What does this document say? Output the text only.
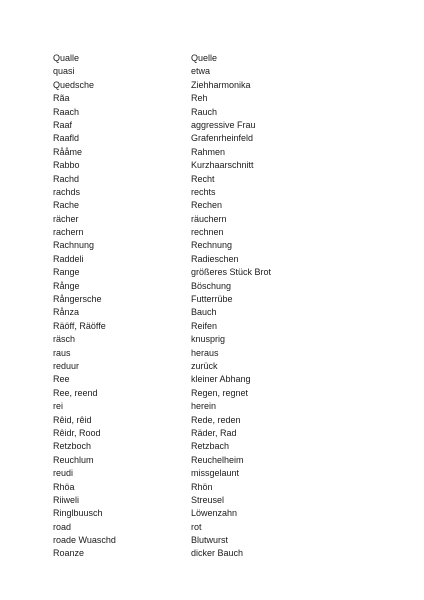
Qualle	Quelle
quasi	etwa
Quedsche	Ziehharmonika
Rãa	Reh
Raach	Rauch
Raaf	aggressive Frau
Raafld	Grafenrheinfeld
Rååme	Rahmen
Rabbo	Kurzhaarschnitt
Rachd	Recht
rachds	rechts
Rache	Rechen
rächer	räuchern
rachern	rechnen
Rachnung	Rechnung
Raddeli	Radieschen
Range	größeres Stück Brot
Rånge	Böschung
Rångersche	Futterrübe
Rånza	Bauch
Räöff, Räöffe	Reifen
räsch	knusprig
raus	heraus
reduur	zurück
Ree	kleiner Abhang
Ree, reend	Regen, regnet
rei	herein
Rêid, rêid	Rede, reden
Rêidr, Rood	Räder, Rad
Retzboch	Retzbach
Reuchlum	Reuchelheim
reudi	missgelaunt
Rhöa	Rhön
Riiweli	Streusel
Ringlbuusch	Löwenzahn
road	rot
roade Wuaschd	Blutwurst
Roanze	dicker Bauch
